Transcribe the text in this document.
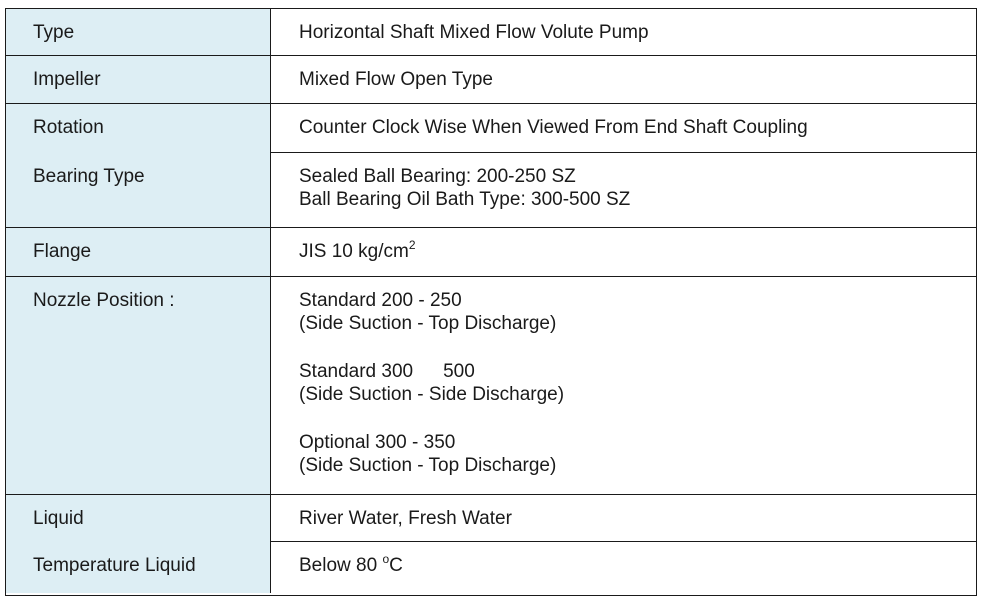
Type	Horizontal Shaft Mixed Flow Volute Pump
Impeller	Mixed Flow Open Type
Rotation	Counter Clock Wise When Viewed From End Shaft Coupling
Bearing Type	Sealed Ball Bearing: 200-250 SZ
Ball Bearing Oil Bath Type: 300-500 SZ
Flange	JIS 10 $kg/cm^2$
Nozzle Position :	Standard 200 - 250
(Side Suction - Top Discharge)
Standard 300 500
(Side Suction - Side Discharge)
Optional 300 - 350
(Side Suction - Top Discharge)
Liquid	River Water, Fresh Water
Temperature Liquid	Below 80 $^o$C
